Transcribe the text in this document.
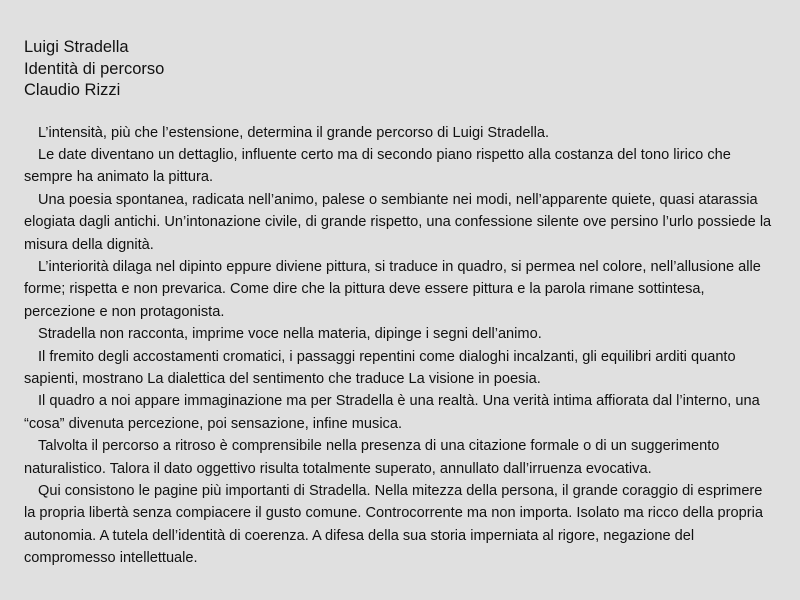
Luigi Stradella
Identità di percorso
Claudio Rizzi

L’intensità, più che l’estensione, determina il grande percorso di Luigi Stradella.

Le date diventano un dettaglio, influente certo ma di secondo piano rispetto alla costanza del tono lirico che sempre ha animato la pittura.

Una poesia spontanea, radicata nell’animo, palese o sembiante nei modi, nell’apparente quiete, quasi atarassia elogiata dagli antichi. Un’intonazione civile, di grande rispetto, una confessione silente ove persino l’urlo possiede la misura della dignità.

L’interiorità dilaga nel dipinto eppure diviene pittura, si traduce in quadro, si permea nel colore, nell’allusione alle forme; rispetta e non prevarica. Come dire che la pittura deve essere pittura e la parola rimane sottintesa, percezione e non protagonista.

Stradella non racconta, imprime voce nella materia, dipinge i segni dell’animo.

Il fremito degli accostamenti cromatici, i passaggi repentini come dialoghi incalzanti, gli equilibri arditi quanto sapienti, mostrano La dialettica del sentimento che traduce La visione in poesia.

Il quadro a noi appare immaginazione ma per Stradella è una realtà. Una verità intima affiorata dal l’interno, una “cosa” divenuta percezione, poi sensazione, infine musica.

Talvolta il percorso a ritroso è comprensibile nella presenza di una citazione formale o di un suggerimento naturalistico. Talora il dato oggettivo risulta totalmente superato, annullato dall’irruenza evocativa.

Qui consistono le pagine più importanti di Stradella. Nella mitezza della persona, il grande coraggio di esprimere la propria libertà senza compiacere il gusto comune. Controcorrente ma non importa. Isolato ma ricco della propria autonomia. A tutela dell’identità di coerenza. A difesa della sua storia imperniata al rigore, negazione del compromesso intellettuale.
